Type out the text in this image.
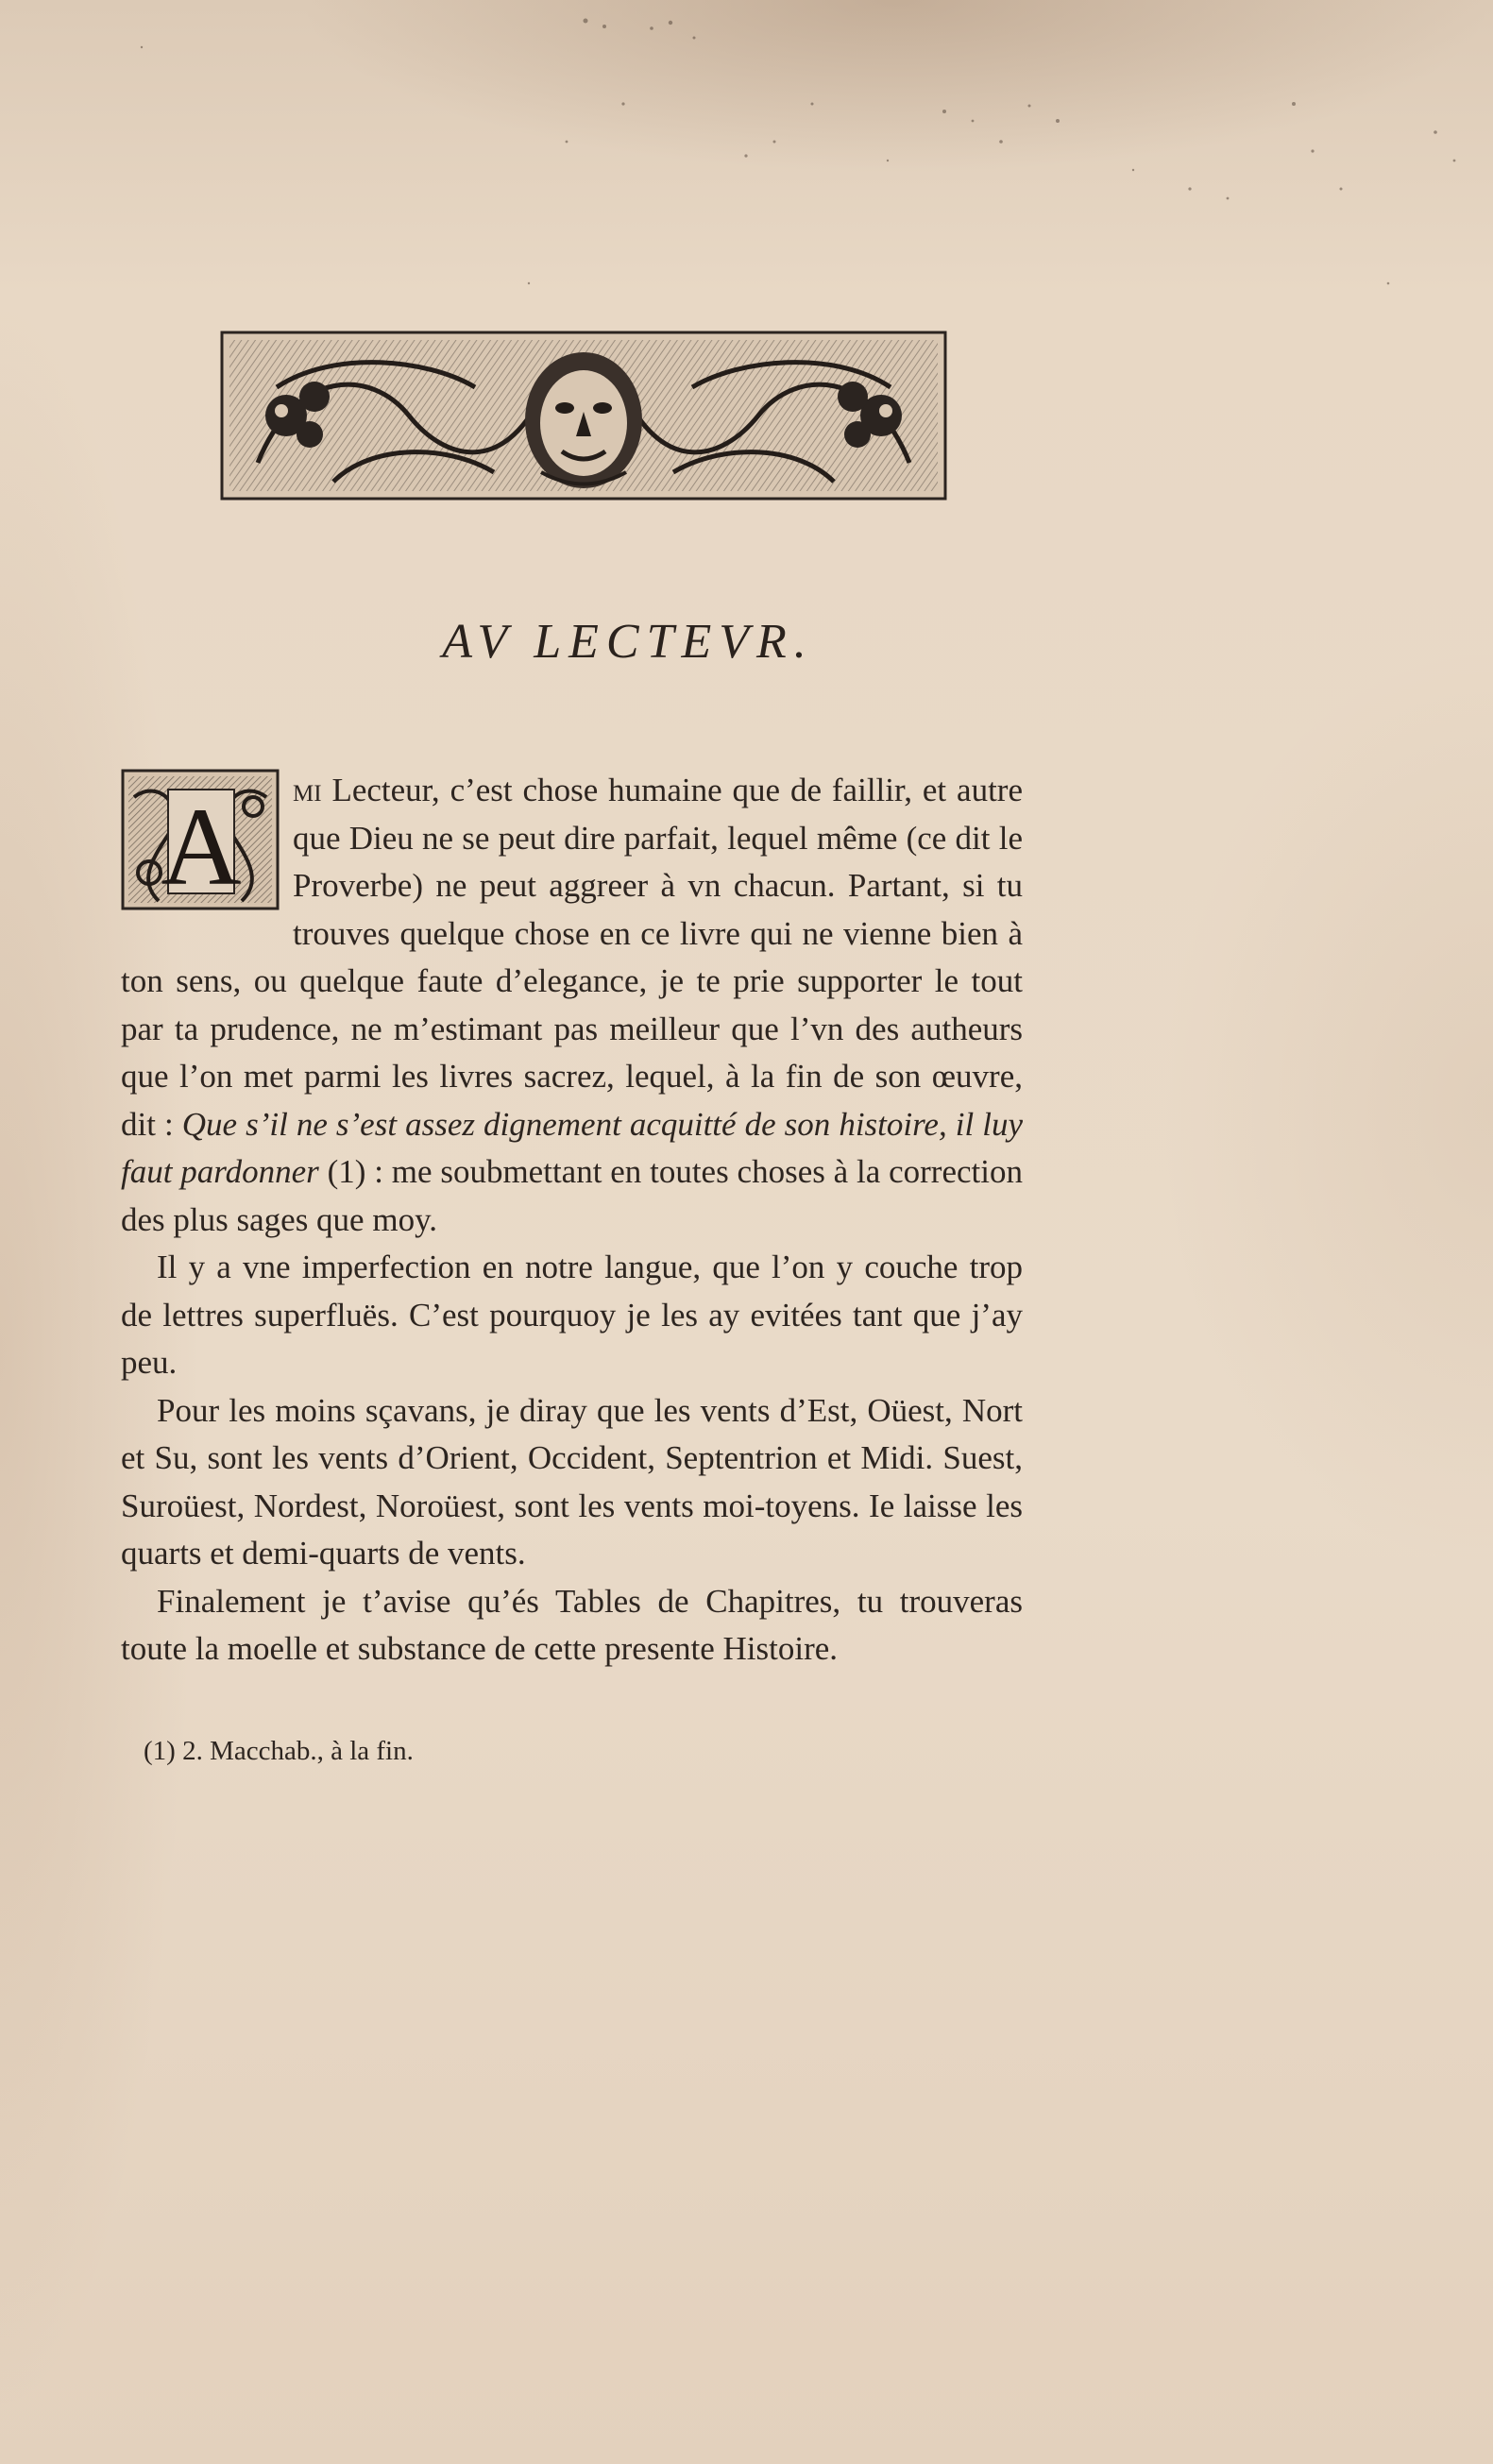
AV LECTEVR.

A mi Lecteur, c’est chose humaine que de faillir, et autre que Dieu ne se peut dire parfait, lequel même (ce dit le Proverbe) ne peut aggreer à vn chacun. Partant, si tu trouves quelque chose en ce livre qui ne vienne bien à ton sens, ou quelque faute d’elegance, je te prie supporter le tout par ta prudence, ne m’estimant pas meilleur que l’vn des autheurs que l’on met parmi les livres sacrez, lequel, à la fin de son œuvre, dit : Que s’il ne s’est assez dignement acquitté de son histoire, il luy faut pardonner (1) : me soubmettant en toutes choses à la correction des plus sages que moy.

Il y a vne imperfection en notre langue, que l’on y couche trop de lettres superfluës. C’est pourquoy je les ay evitées tant que j’ay peu.

Pour les moins sçavans, je diray que les vents d’Est, Oüest, Nort et Su, sont les vents d’Orient, Occident, Septentrion et Midi. Suest, Suroüest, Nordest, Noroüest, sont les vents moi-toyens. Ie laisse les quarts et demi-quarts de vents.

Finalement je t’avise qu’és Tables de Chapitres, tu trouveras toute la moelle et substance de cette presente Histoire.

(1) 2. Macchab., à la fin.
